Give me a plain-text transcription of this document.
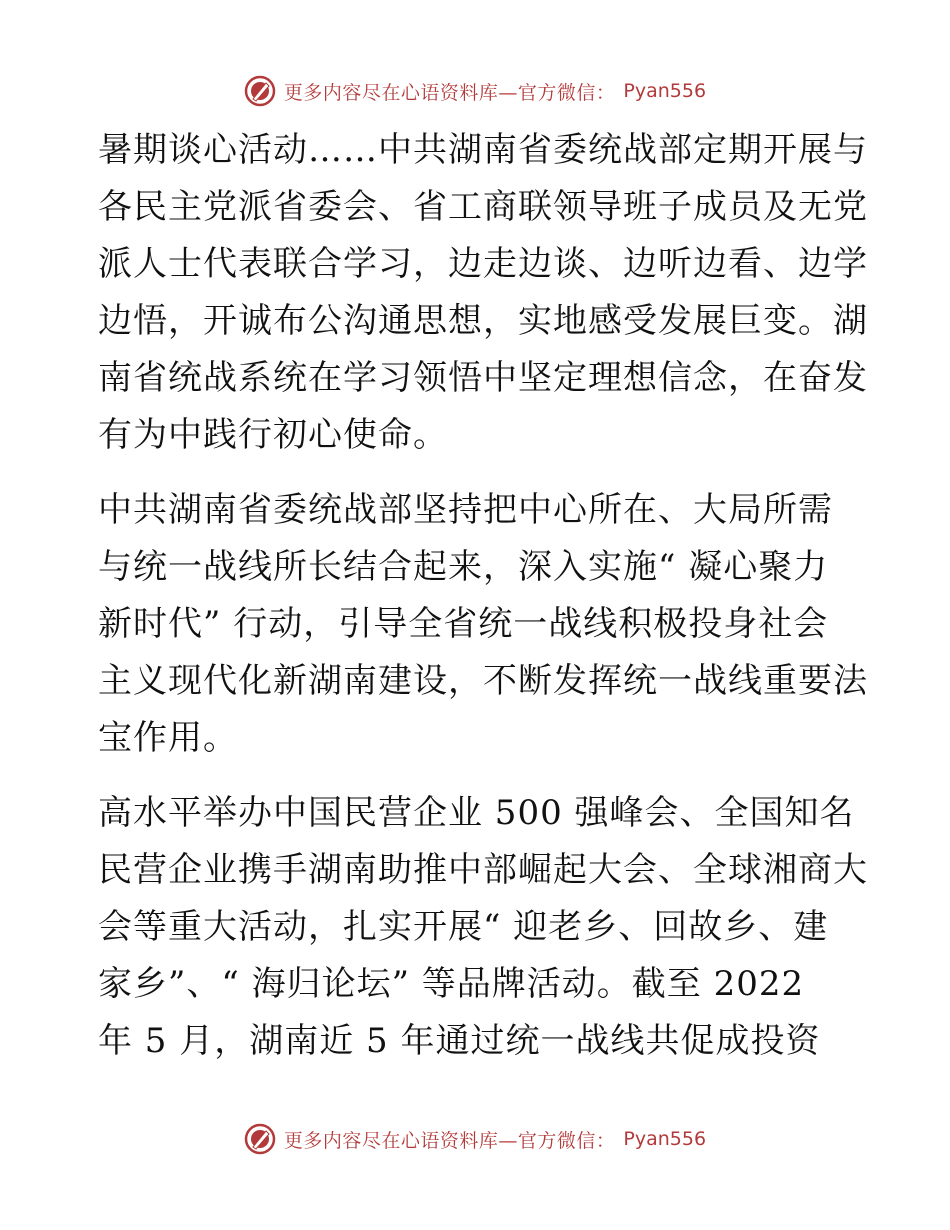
更多内容尽在心语资料库—官方微信： Pyan556
暑期谈心活动……中共湖南省委统战部定期开展与
各民主党派省委会、省工商联领导班子成员及无党
派人士代表联合学习，边走边谈、边听边看、边学
边悟，开诚布公沟通思想，实地感受发展巨变。湖
南省统战系统在学习领悟中坚定理想信念，在奋发
有为中践行初心使命。
中共湖南省委统战部坚持把中心所在、大局所需
与统一战线所长结合起来，深入实施“ 凝心聚力
新时代” 行动，引导全省统一战线积极投身社会
主义现代化新湖南建设，不断发挥统一战线重要法
宝作用。
高水平举办中国民营企业 500 强峰会、全国知名
民营企业携手湖南助推中部崛起大会、全球湘商大
会等重大活动，扎实开展“ 迎老乡、回故乡、建
家乡”、“ 海归论坛” 等品牌活动。截至 2022
年 5 月，湖南近 5 年通过统一战线共促成投资
更多内容尽在心语资料库—官方微信： Pyan556
